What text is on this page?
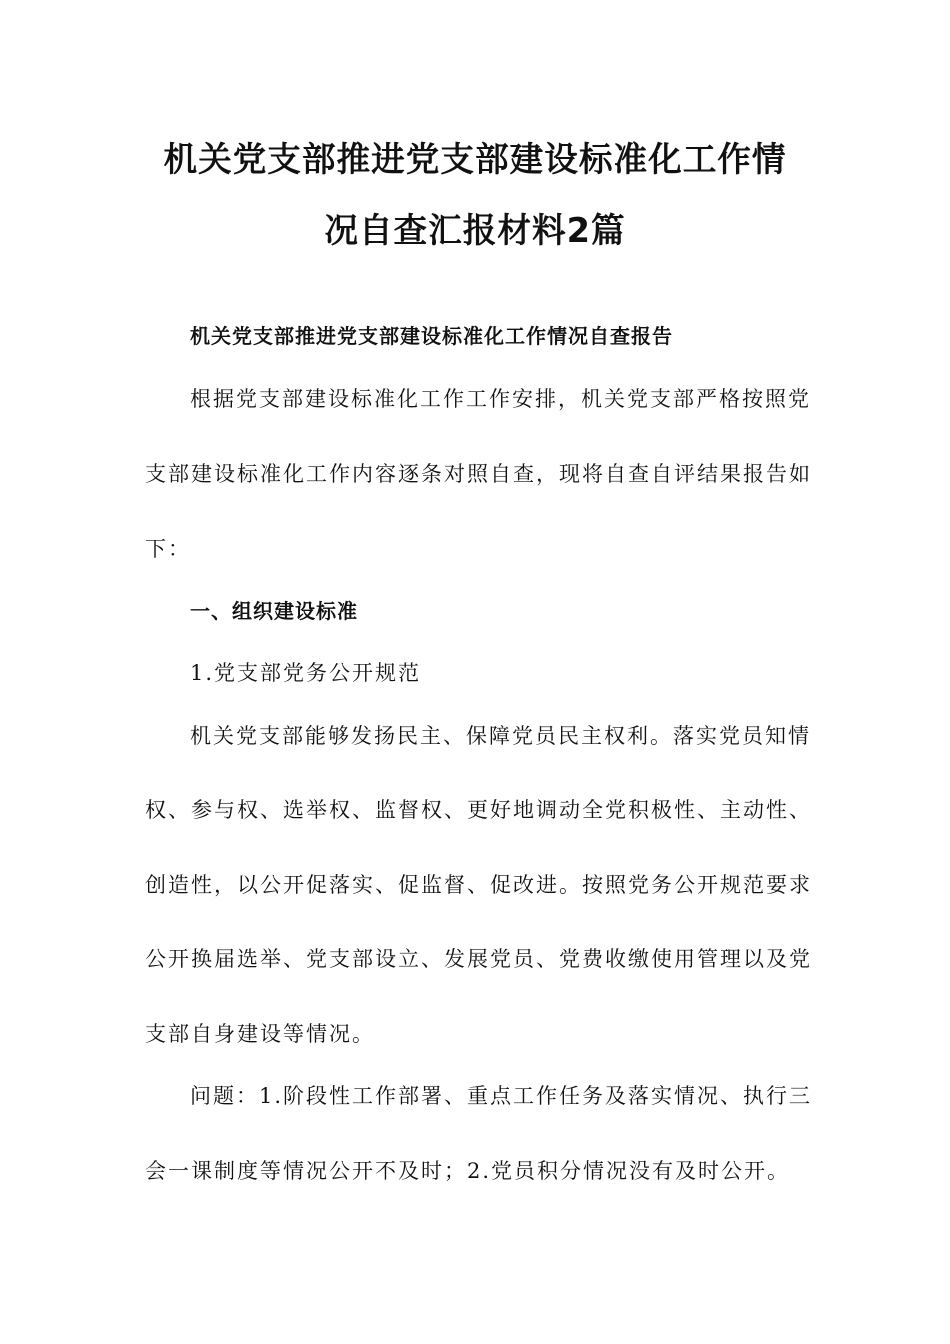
机关党支部推进党支部建设标准化工作情
况自查汇报材料2篇
机关党支部推进党支部建设标准化工作情况自查报告
根据党支部建设标准化工作工作安排，机关党支部严格按照党
支部建设标准化工作内容逐条对照自查，现将自查自评结果报告如
下：
一、组织建设标准
1.党支部党务公开规范
机关党支部能够发扬民主、保障党员民主权利。落实党员知情
权、参与权、选举权、监督权、更好地调动全党积极性、主动性、
创造性，以公开促落实、促监督、促改进。按照党务公开规范要求
公开换届选举、党支部设立、发展党员、党费收缴使用管理以及党
支部自身建设等情况。
问题：1.阶段性工作部署、重点工作任务及落实情况、执行三
会一课制度等情况公开不及时；2.党员积分情况没有及时公开。
